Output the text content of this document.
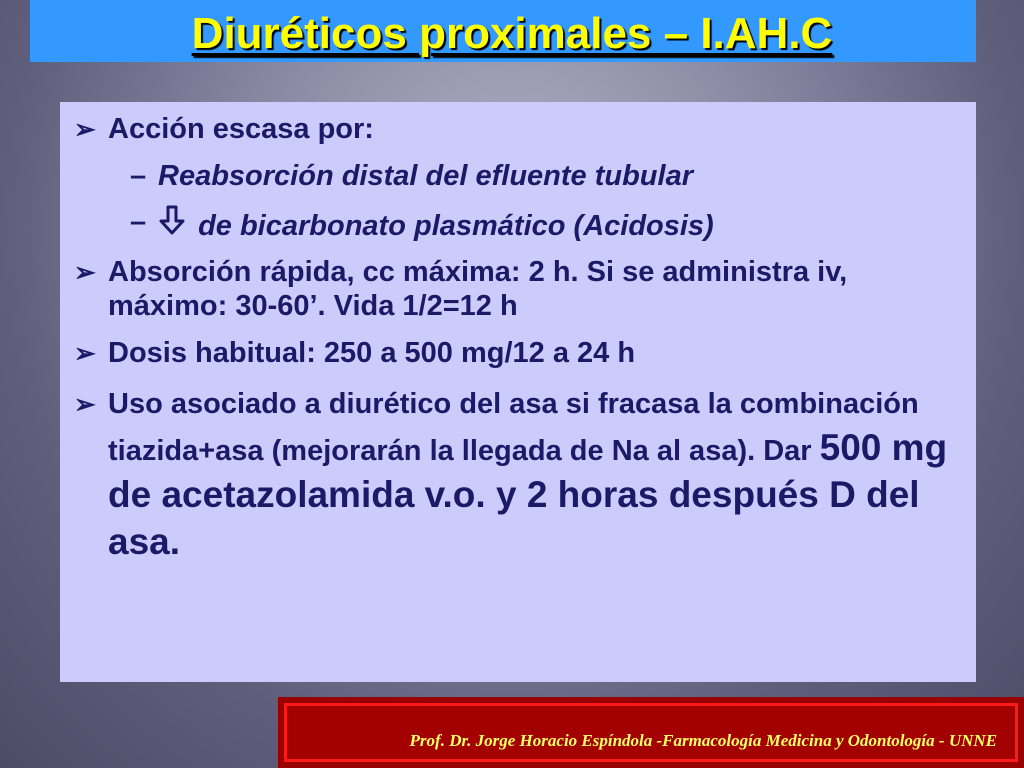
Diuréticos proximales – I.AH.C
➢ Acción escasa por:
– Reabsorción distal del efluente tubular
– de bicarbonato plasmático (Acidosis)
➢ Absorción rápida, cc máxima: 2 h. Si se administra iv, máximo: 30-60’. Vida 1/2=12 h
➢ Dosis habitual: 250 a 500 mg/12 a 24 h
➢ Uso asociado a diurético del asa si fracasa la combinación tiazida+asa (mejorarán la llegada de Na al asa). Dar 500 mg de acetazolamida v.o. y 2 horas después D del asa.
Prof. Dr. Jorge Horacio Espíndola -Farmacología Medicina y Odontología - UNNE
